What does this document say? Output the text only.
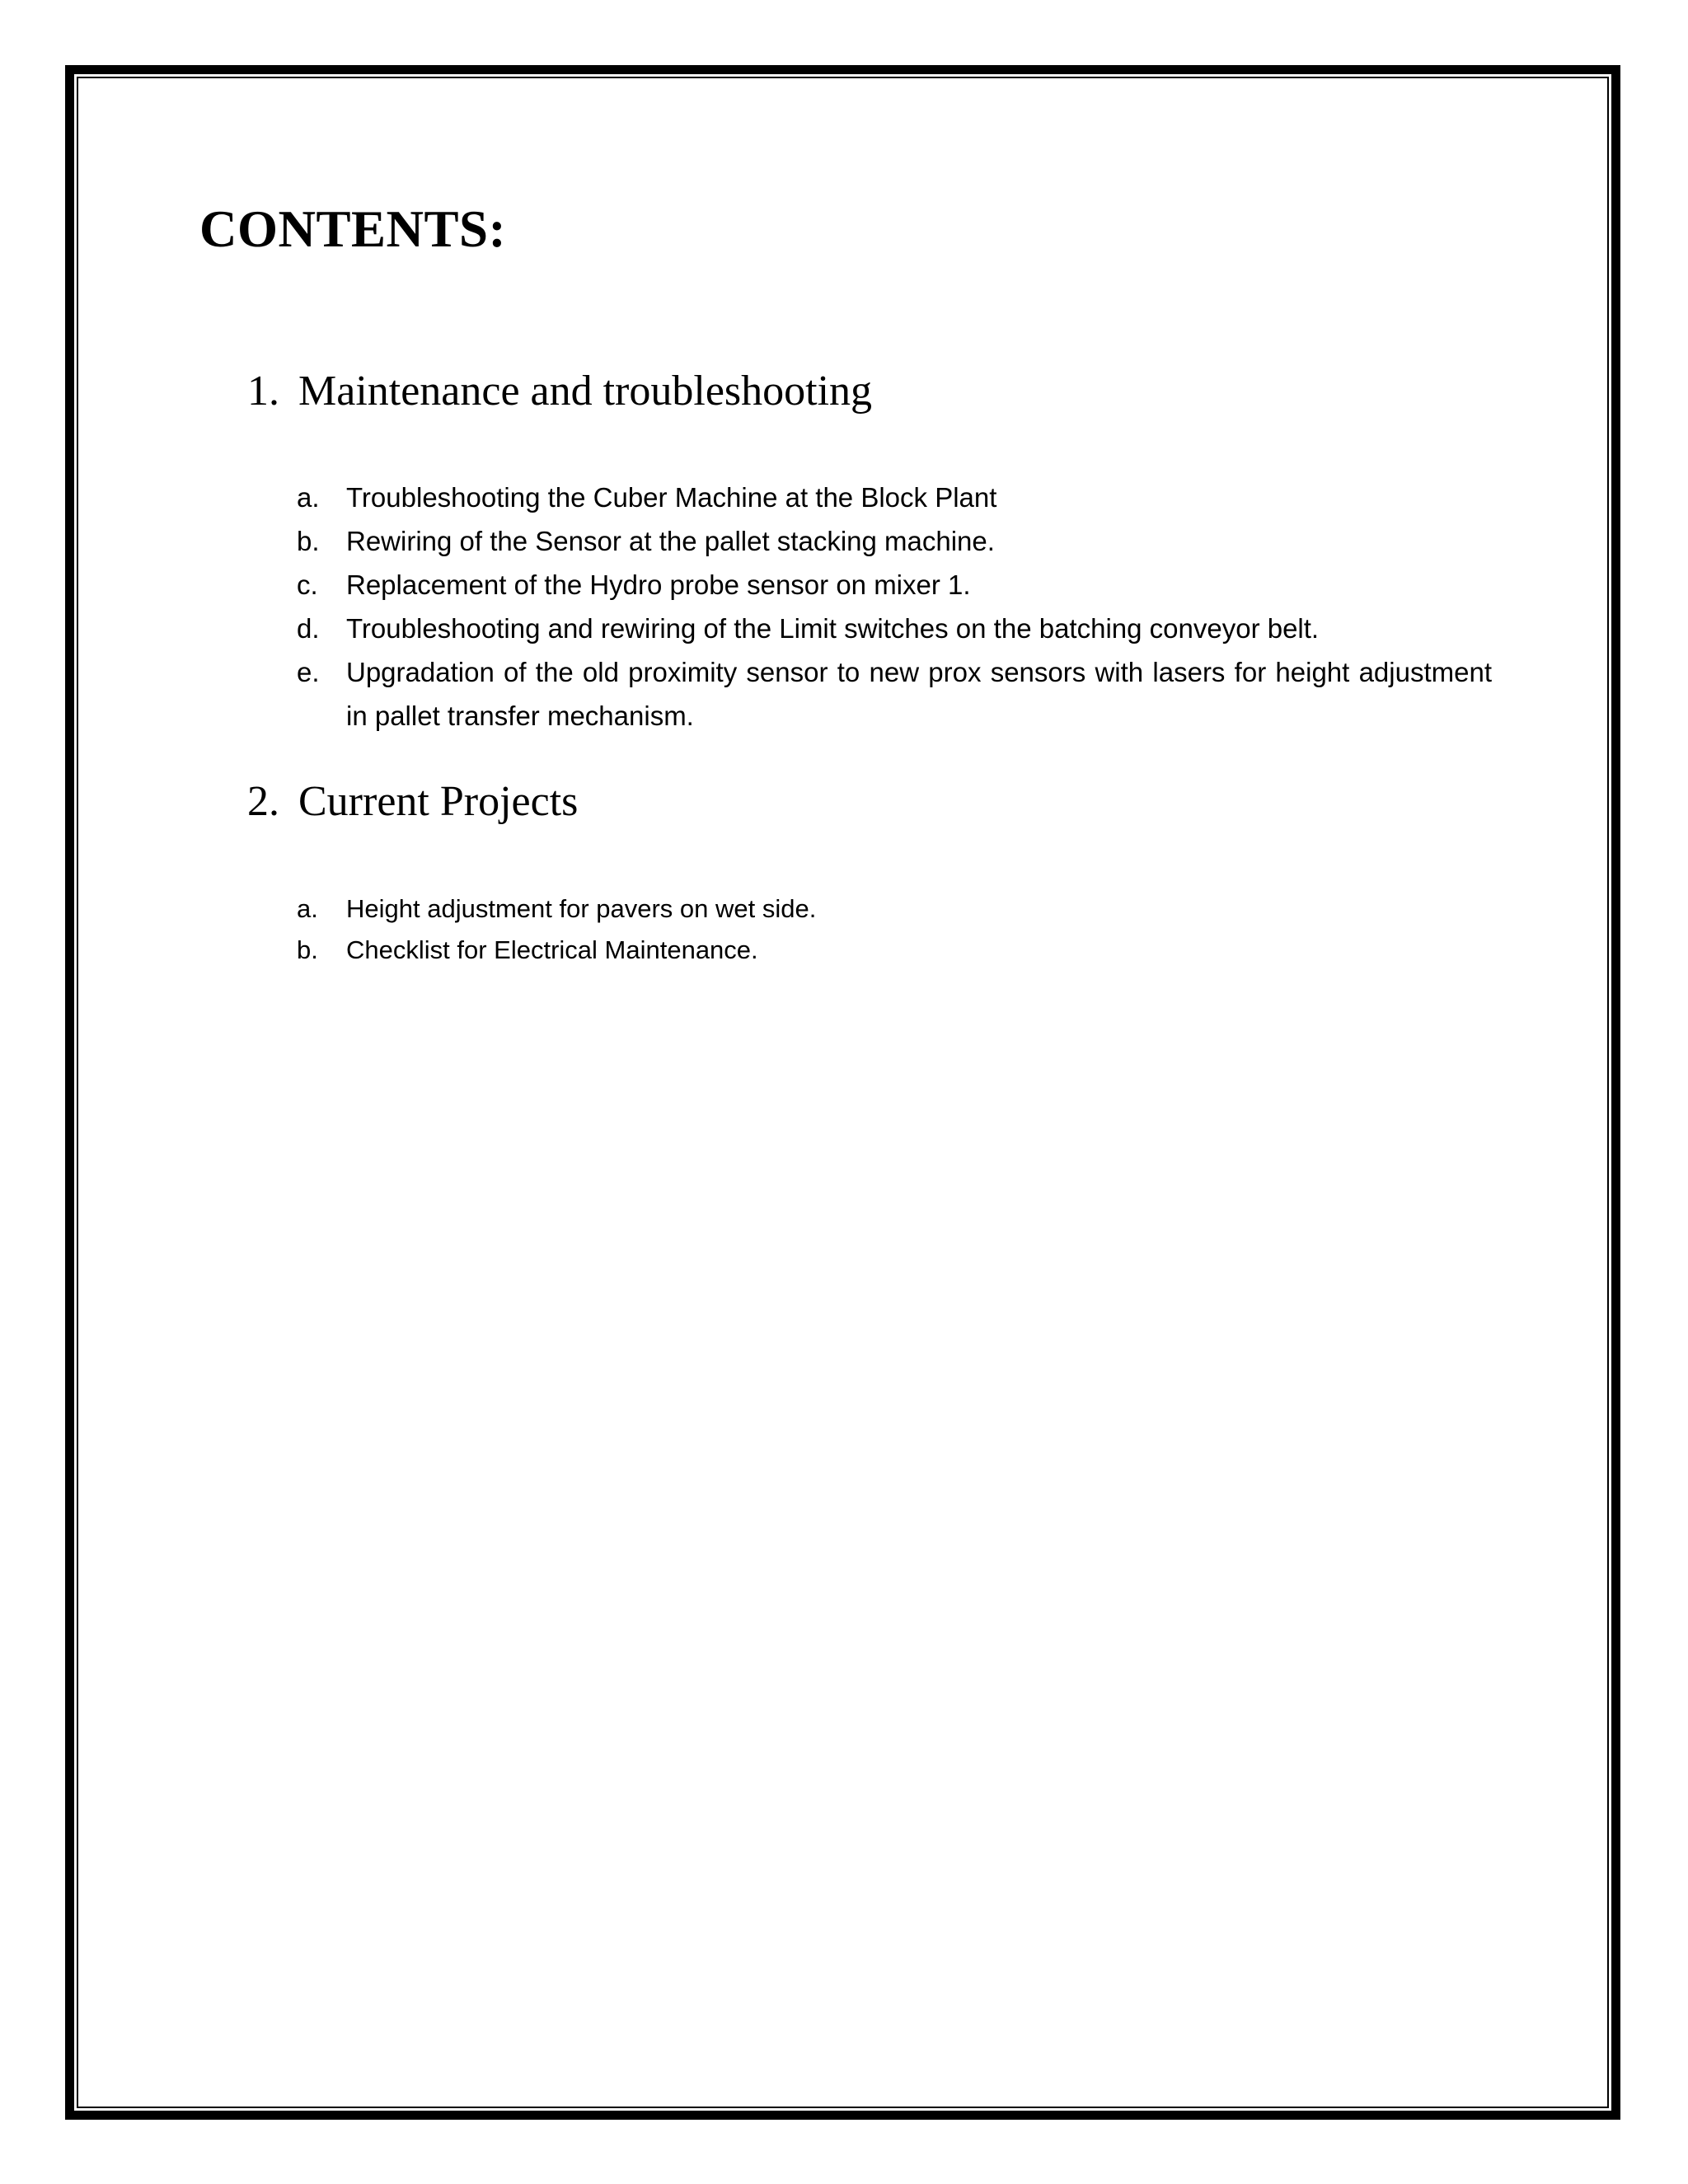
CONTENTS:
1. Maintenance and troubleshooting
a. Troubleshooting the Cuber Machine at the Block Plant
b. Rewiring of the Sensor at the pallet stacking machine.
c. Replacement of the Hydro probe sensor on mixer 1.
d. Troubleshooting and rewiring of the Limit switches on the batching conveyor belt.
e. Upgradation of the old proximity sensor to new prox sensors with lasers for height adjustment in pallet transfer mechanism.
2. Current Projects
a. Height adjustment for pavers on wet side.
b. Checklist for Electrical Maintenance.
